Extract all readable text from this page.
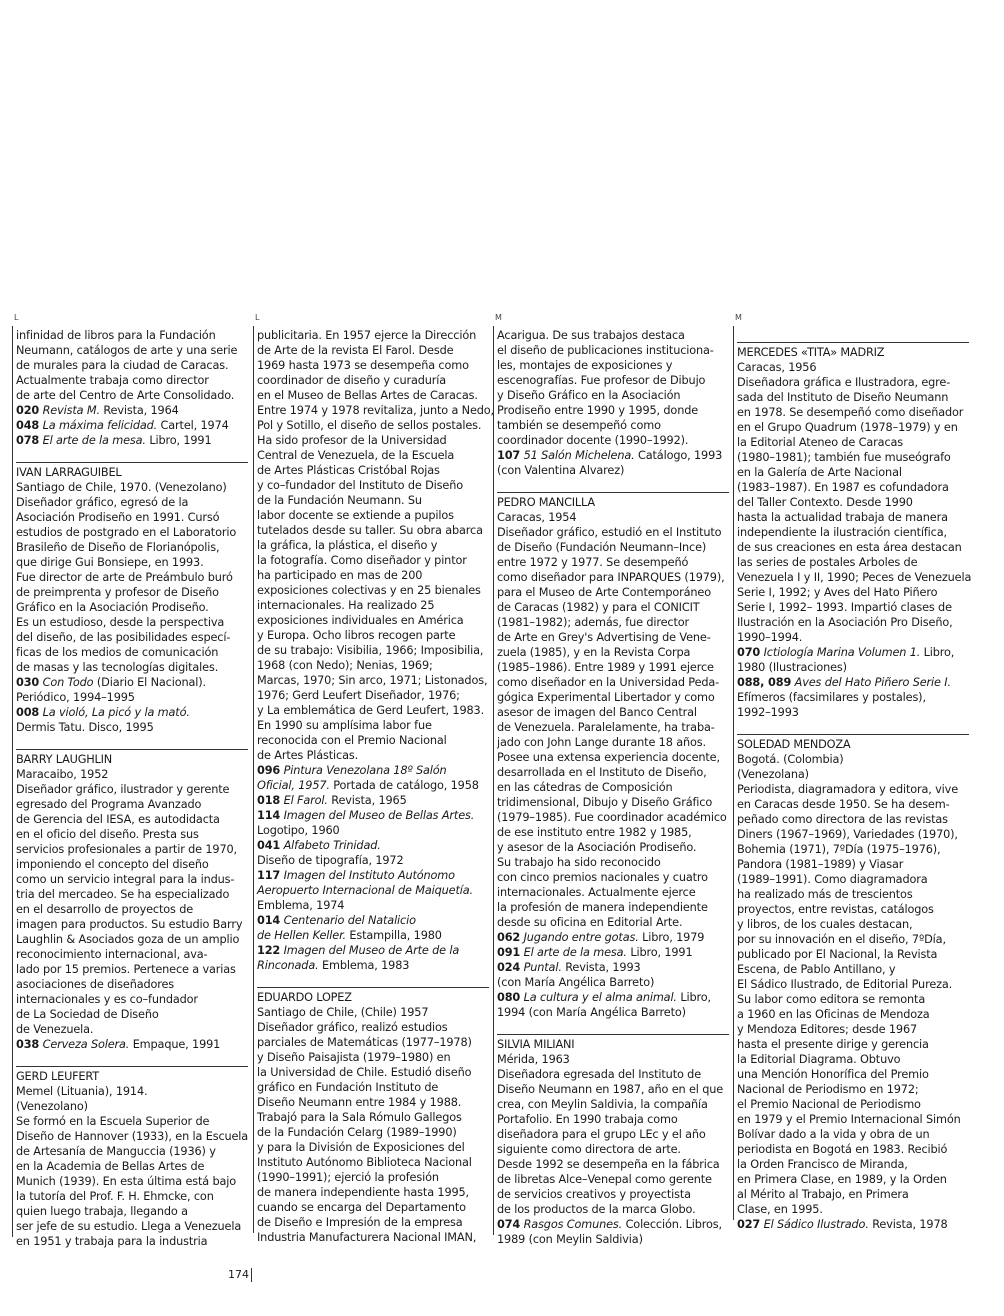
L
infinidad de libros para la Fundación
Neumann, catálogos de arte y una serie
de murales para la ciudad de Caracas.
Actualmente trabaja como director
de arte del Centro de Arte Consolidado.
020 Revista M. Revista, 1964
048 La máxima felicidad. Cartel, 1974
078 El arte de la mesa. Libro, 1991
IVAN LARRAGUIBEL
Santiago de Chile, 1970. (Venezolano)
Diseñador gráfico, egresó de la
Asociación Prodiseño en 1991. Cursó
estudios de postgrado en el Laboratorio
Brasileño de Diseño de Florianópolis,
que dirige Gui Bonsiepe, en 1993.
Fue director de arte de Preámbulo buró
de preimprenta y profesor de Diseño
Gráfico en la Asociación Prodiseño.
Es un estudioso, desde la perspectiva
del diseño, de las posibilidades especí-
ficas de los medios de comunicación
de masas y las tecnologías digitales.
030 Con Todo (Diario El Nacional).
Periódico, 1994–1995
008 La violó, La picó y la mató.
Dermis Tatu. Disco, 1995
BARRY LAUGHLIN
Maracaibo, 1952
Diseñador gráfico, ilustrador y gerente
egresado del Programa Avanzado
de Gerencia del IESA, es autodidacta
en el oficio del diseño. Presta sus
servicios profesionales a partir de 1970,
imponiendo el concepto del diseño
como un servicio integral para la indus-
tria del mercadeo. Se ha especializado
en el desarrollo de proyectos de
imagen para productos. Su estudio Barry
Laughlin & Asociados goza de un amplio
reconocimiento internacional, ava-
lado por 15 premios. Pertenece a varias
asociaciones de diseñadores
internacionales y es co–fundador
de La Sociedad de Diseño
de Venezuela.
038 Cerveza Solera. Empaque, 1991
GERD LEUFERT
Memel (Lituania), 1914.
(Venezolano)
Se formó en la Escuela Superior de
Diseño de Hannover (1933), en la Escuela
de Artesanía de Manguccia (1936) y
en la Academia de Bellas Artes de
Munich (1939). En esta última está bajo
la tutoría del Prof. F. H. Ehmcke, con
quien luego trabaja, llegando a
ser jefe de su estudio. Llega a Venezuela
en 1951 y trabaja para la industria
L
publicitaria. En 1957 ejerce la Dirección
de Arte de la revista El Farol. Desde
1969 hasta 1973 se desempeña como
coordinador de diseño y curaduría
en el Museo de Bellas Artes de Caracas.
Entre 1974 y 1978 revitaliza, junto a Nedo,
Pol y Sotillo, el diseño de sellos postales.
Ha sido profesor de la Universidad
Central de Venezuela, de la Escuela
de Artes Plásticas Cristóbal Rojas
y co–fundador del Instituto de Diseño
de la Fundación Neumann. Su
labor docente se extiende a pupilos
tutelados desde su taller. Su obra abarca
la gráfica, la plástica, el diseño y
la fotografía. Como diseñador y pintor
ha participado en mas de 200
exposiciones colectivas y en 25 bienales
internacionales. Ha realizado 25
exposiciones individuales en América
y Europa. Ocho libros recogen parte
de su trabajo: Visibilia, 1966; Imposibilia,
1968 (con Nedo); Nenias, 1969;
Marcas, 1970; Sin arco, 1971; Listonados,
1976; Gerd Leufert Diseñador, 1976;
y La emblemática de Gerd Leufert, 1983.
En 1990 su amplísima labor fue
reconocida con el Premio Nacional
de Artes Plásticas.
096 Pintura Venezolana 18º Salón
Oficial, 1957. Portada de catálogo, 1958
018 El Farol. Revista, 1965
114 Imagen del Museo de Bellas Artes.
Logotipo, 1960
041 Alfabeto Trinidad.
Diseño de tipografía, 1972
117 Imagen del Instituto Autónomo
Aeropuerto Internacional de Maiquetía.
Emblema, 1974
014 Centenario del Natalicio
de Hellen Keller. Estampilla, 1980
122 Imagen del Museo de Arte de la
Rinconada. Emblema, 1983
EDUARDO LOPEZ
Santiago de Chile, (Chile) 1957
Diseñador gráfico, realizó estudios
parciales de Matemáticas (1977–1978)
y Diseño Paisajista (1979–1980) en
la Universidad de Chile. Estudió diseño
gráfico en Fundación Instituto de
Diseño Neumann entre 1984 y 1988.
Trabajó para la Sala Rómulo Gallegos
de la Fundación Celarg (1989–1990)
y para la División de Exposiciones del
Instituto Autónomo Biblioteca Nacional
(1990–1991); ejerció la profesión
de manera independiente hasta 1995,
cuando se encarga del Departamento
de Diseño e Impresión de la empresa
Industria Manufacturera Nacional IMAN,
M
Acarigua. De sus trabajos destaca
el diseño de publicaciones instituciona-
les, montajes de exposiciones y
escenografías. Fue profesor de Dibujo
y Diseño Gráfico en la Asociación
Prodiseño entre 1990 y 1995, donde
también se desempeñó como
coordinador docente (1990–1992).
107 51 Salón Michelena. Catálogo, 1993
(con Valentina Alvarez)
PEDRO MANCILLA
Caracas, 1954
Diseñador gráfico, estudió en el Instituto
de Diseño (Fundación Neumann–Ince)
entre 1972 y 1977. Se desempeñó
como diseñador para INPARQUES (1979),
para el Museo de Arte Contemporáneo
de Caracas (1982) y para el CONICIT
(1981–1982); además, fue director
de Arte en Grey's Advertising de Vene-
zuela (1985), y en la Revista Corpa
(1985–1986). Entre 1989 y 1991 ejerce
como diseñador en la Universidad Peda-
gógica Experimental Libertador y como
asesor de imagen del Banco Central
de Venezuela. Paralelamente, ha traba-
jado con John Lange durante 18 años.
Posee una extensa experiencia docente,
desarrollada en el Instituto de Diseño,
en las cátedras de Composición
tridimensional, Dibujo y Diseño Gráfico
(1979–1985). Fue coordinador académico
de ese instituto entre 1982 y 1985,
y asesor de la Asociación Prodiseño.
Su trabajo ha sido reconocido
con cinco premios nacionales y cuatro
internacionales. Actualmente ejerce
la profesión de manera independiente
desde su oficina en Editorial Arte.
062 Jugando entre gotas. Libro, 1979
091 El arte de la mesa. Libro, 1991
024 Puntal. Revista, 1993
(con María Angélica Barreto)
080 La cultura y el alma animal. Libro,
1994 (con María Angélica Barreto)
SILVIA MILIANI
Mérida, 1963
Diseñadora egresada del Instituto de
Diseño Neumann en 1987, año en el que
crea, con Meylin Saldivia, la compañía
Portafolio. En 1990 trabaja como
diseñadora para el grupo LEc y el año
siguiente como directora de arte.
Desde 1992 se desempeña en la fábrica
de libretas Alce–Venepal como gerente
de servicios creativos y proyectista
de los productos de la marca Globo.
074 Rasgos Comunes. Colección. Libros,
1989 (con Meylin Saldivia)
M
MERCEDES «TITA» MADRIZ
Caracas, 1956
Diseñadora gráfica e Ilustradora, egre-
sada del Instituto de Diseño Neumann
en 1978. Se desempeñó como diseñador
en el Grupo Quadrum (1978–1979) y en
la Editorial Ateneo de Caracas
(1980–1981); también fue museógrafo
en la Galería de Arte Nacional
(1983–1987). En 1987 es cofundadora
del Taller Contexto. Desde 1990
hasta la actualidad trabaja de manera
independiente la ilustración científica,
de sus creaciones en esta área destacan
las series de postales Arboles de
Venezuela I y II, 1990; Peces de Venezuela
Serie I, 1992; y Aves del Hato Piñero
Serie I, 1992– 1993. Impartió clases de
Ilustración en la Asociación Pro Diseño,
1990–1994.
070 Ictiología Marina Volumen 1. Libro,
1980 (Ilustraciones)
088, 089 Aves del Hato Piñero Serie I.
Efímeros (facsimilares y postales),
1992–1993
SOLEDAD MENDOZA
Bogotá. (Colombia)
(Venezolana)
Periodista, diagramadora y editora, vive
en Caracas desde 1950. Se ha desem-
peñado como directora de las revistas
Diners (1967–1969), Variedades (1970),
Bohemia (1971), 7ºDía (1975–1976),
Pandora (1981–1989) y Viasar
(1989–1991). Como diagramadora
ha realizado más de trescientos
proyectos, entre revistas, catálogos
y libros, de los cuales destacan,
por su innovación en el diseño, 7ºDía,
publicado por El Nacional, la Revista
Escena, de Pablo Antillano, y
El Sádico Ilustrado, de Editorial Pureza.
Su labor como editora se remonta
a 1960 en las Oficinas de Mendoza
y Mendoza Editores; desde 1967
hasta el presente dirige y gerencia
la Editorial Diagrama. Obtuvo
una Mención Honorífica del Premio
Nacional de Periodismo en 1972;
el Premio Nacional de Periodismo
en 1979 y el Premio Internacional Simón
Bolívar dado a la vida y obra de un
periodista en Bogotá en 1983. Recibió
la Orden Francisco de Miranda,
en Primera Clase, en 1989, y la Orden
al Mérito al Trabajo, en Primera
Clase, en 1995.
027 El Sádico Ilustrado. Revista, 1978
174
